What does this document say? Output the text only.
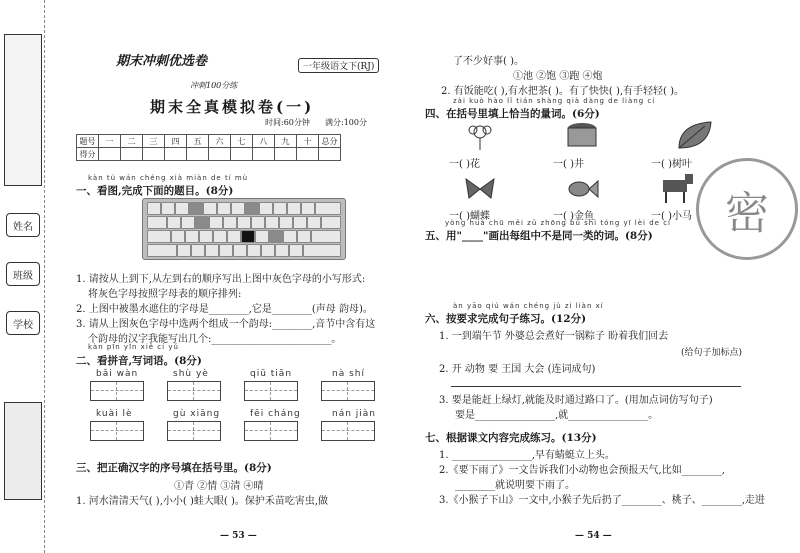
姓名
班级
学校
期末冲刺优选卷	一年级语文下(RJ)
冲刺100分练
期末全真模拟卷(一)
时间:60分钟 满分:100分
题号	一	二	三	四	五	六	七	八	九	十	总分
得分											
kàn tú wán chéng xià miàn de tí mù
一、看图,完成下面的题目。(8分)
1. 请按从上到下,从左到右的顺序写出上图中灰色字母的小写形式:
将灰色字母按照字母表的顺序排列:
2. 上图中被墨水遮住的字母是________,它是________(声母 韵母)。
3. 请从上图灰色字母中选两个组成一个韵母:________,音节中含有这
个韵母的汉字我能写出几个:________________________。
kàn pīn yīn xiě cí yǔ
二、看拼音,写词语。(8分)
bǎi wàn	shù yè	qiū tiān	nà shí
kuài lè	gù xiāng	fēi cháng	nán jiàn
三、把正确汉字的序号填在括号里。(8分)
①青 ②情 ③清 ④晴
1. 河水清清天气( ),小小( )蛙大眼( )。保护禾苗吃害虫,做
— 53 —
了不少好事( )。
①池 ②饱 ③跑 ④炮
2. 有饭能吃( ),有水把茶( )。有了快快( ),有手轻轻( )。
zài kuò hào lǐ tián shàng qià dàng de liàng cí
四、在括号里填上恰当的量词。(6分)
一( )花	一( )井	一( )树叶
一( )蝴蝶	一( )金鱼	一( )小马
yòng huà chū měi zǔ zhōng bú shì tóng yī lèi de cí
五、用"____"画出每组中不是同一类的词。(8分)
àn yāo qiú wán chéng jù zi liàn xí
六、按要求完成句子练习。(12分)
1. 一到端午节 外婆总会煮好一锅粽子 盼着我们回去
(给句子加标点)
2. 开 动物 要 王国 大会 (连词成句)
3. 要是能赶上绿灯,就能及时通过路口了。(用加点词仿写句子)
要是________________,就________________。
七、根据课文内容完成练习。(13分)
1. ________________,早有蜻蜓立上头。
2.《要下雨了》一文告诉我们小动物也会预报天气,比如________,
________就说明要下雨了。
3.《小猴子下山》一文中,小猴子先后扔了________、桃子、________,走进
— 54 —
密
